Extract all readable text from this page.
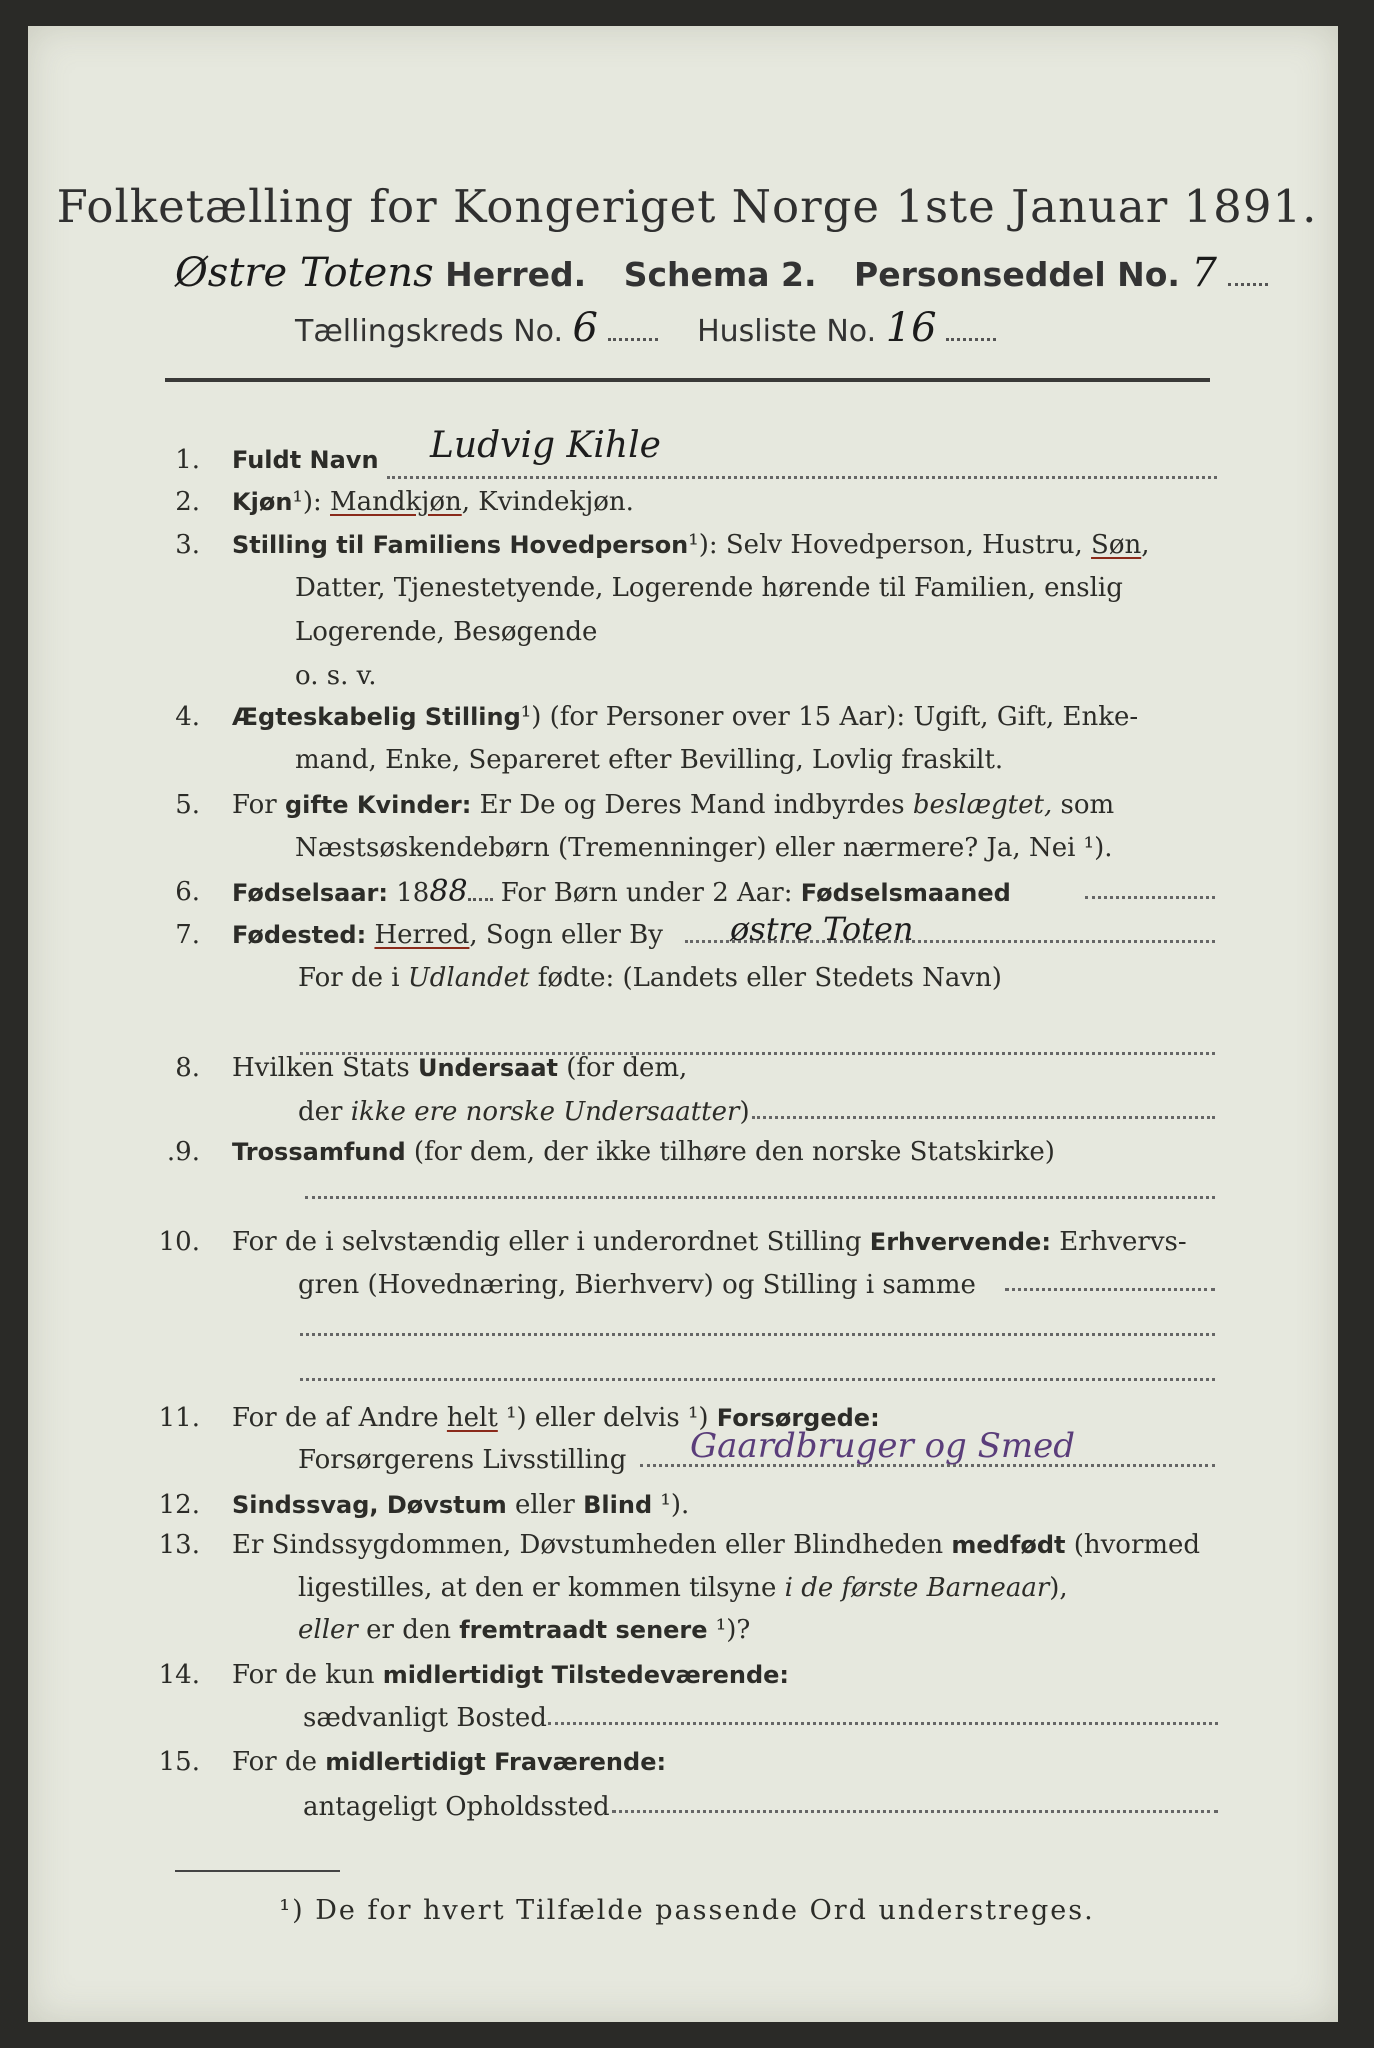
Folketælling for Kongeriget Norge 1ste Januar 1891.
Østre Totens Herred. Schema 2. Personseddel No. 7
Tællingskreds No. 6	Husliste No. 16
1. Fuldt Navn Ludvig Kihle
2. Kjøn¹): Mandkjøn, Kvindekjøn.
3. Stilling til Familiens Hovedperson¹): Selv Hovedperson, Hustru, Søn,
Datter, Tjenestetyende, Logerende hørende til Familien, enslig
Logerende, Besøgende
o. s. v.
4. Ægteskabelig Stilling¹) (for Personer over 15 Aar): Ugift, Gift, Enke-
mand, Enke, Separeret efter Bevilling, Lovlig fraskilt.
5. For gifte Kvinder: Er De og Deres Mand indbyrdes beslægtet, som
Næstsøskendebørn (Tremenninger) eller nærmere? Ja, Nei ¹).
6. Fødselsaar: 1888 For Børn under 2 Aar: Fødselsmaaned
7. Fødested: Herred, Sogn eller By østre Toten
For de i Udlandet fødte: (Landets eller Stedets Navn)
8. Hvilken Stats Undersaat (for dem,
der ikke ere norske Undersaatter)
.9. Trossamfund (for dem, der ikke tilhøre den norske Statskirke)
10. For de i selvstændig eller i underordnet Stilling Erhvervende: Erhvervs-
gren (Hovednæring, Bierhverv) og Stilling i samme
11. For de af Andre helt ¹) eller delvis ¹) Forsørgede:
Forsørgerens Livsstilling Gaardbruger og Smed
12. Sindssvag, Døvstum eller Blind ¹).
13. Er Sindssygdommen, Døvstumheden eller Blindheden medfødt (hvormed
ligestilles, at den er kommen tilsyne i de første Barneaar),
eller er den fremtraadt senere ¹)?
14. For de kun midlertidigt Tilstedeværende:
sædvanligt Bosted
15. For de midlertidigt Fraværende:
antageligt Opholdssted
¹) De for hvert Tilfælde passende Ord understreges.
